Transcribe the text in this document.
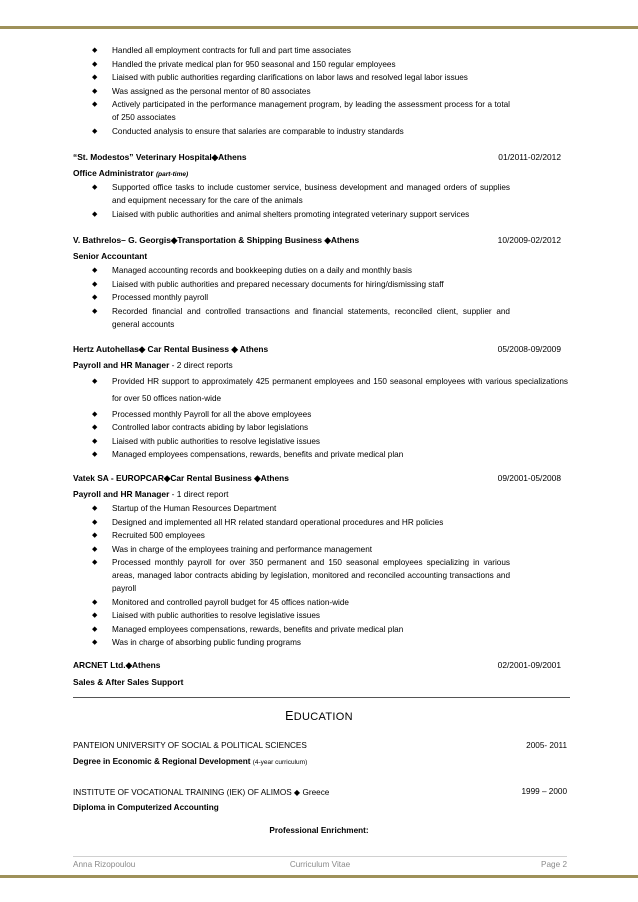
◆ Handled all employment contracts for full and part time associates
◆ Handled the private medical plan for 950 seasonal and 150 regular employees
◆ Liaised with public authorities regarding clarifications on labor laws and resolved legal labor issues
◆ Was assigned as the personal mentor of 80 associates
◆ Actively participated in the performance management program, by leading the assessment process for a total of 250 associates
◆ Conducted analysis to ensure that salaries are comparable to industry standards
“St. Modestos” Veterinary Hospital◆Athens	01/2011-02/2012
Office Administrator (part-time)
◆ Supported office tasks to include customer service, business development and managed orders of supplies and equipment necessary for the care of the animals
◆ Liaised with public authorities and animal shelters promoting integrated veterinary support services
V. Bathrelos– G. Georgis◆Transportation & Shipping Business ◆Athens	10/2009-02/2012
Senior Accountant
◆ Managed accounting records and bookkeeping duties on a daily and monthly basis
◆ Liaised with public authorities and prepared necessary documents for hiring/dismissing staff
◆ Processed monthly payroll
◆ Recorded financial and controlled transactions and financial statements, reconciled client, supplier and general accounts
Hertz Autohellas◆ Car Rental Business ◆ Athens	05/2008-09/2009
Payroll and HR Manager - 2 direct reports
◆ Provided HR support to approximately 425 permanent employees and 150 seasonal employees with various specializations for over 50 offices nation-wide
◆ Processed monthly Payroll for all the above employees
◆ Controlled labor contracts abiding by labor legislations
◆ Liaised with public authorities to resolve legislative issues
◆ Managed employees compensations, rewards, benefits and private medical plan
Vatek SA - EUROPCAR◆Car Rental Business ◆Athens	09/2001-05/2008
Payroll and HR Manager - 1 direct report
◆ Startup of the Human Resources Department
◆ Designed and implemented all HR related standard operational procedures and HR policies
◆ Recruited 500 employees
◆ Was in charge of the employees training and performance management
◆ Processed monthly payroll for over 350 permanent and 150 seasonal employees specializing in various areas, managed labor contracts abiding by legislation, monitored and reconciled accounting transactions and payroll
◆ Monitored and controlled payroll budget for 45 offices nation-wide
◆ Liaised with public authorities to resolve legislative issues
◆ Managed employees compensations, rewards, benefits and private medical plan
◆ Was in charge of absorbing public funding programs
ARCNET Ltd.◆Athens	02/2001-09/2001
Sales & After Sales Support
EDUCATION
PANTEION UNIVERSITY OF SOCIAL & POLITICAL SCIENCES	2005- 2011
Degree in Economic & Regional Development (4-year curriculum)
INSTITUTE OF VOCATIONAL TRAINING (IEK) OF ALIMOS ◆ Greece	1999 – 2000
Diploma in Computerized Accounting
Professional Enrichment:
Anna Rizopoulou	Curriculum Vitae	Page 2
